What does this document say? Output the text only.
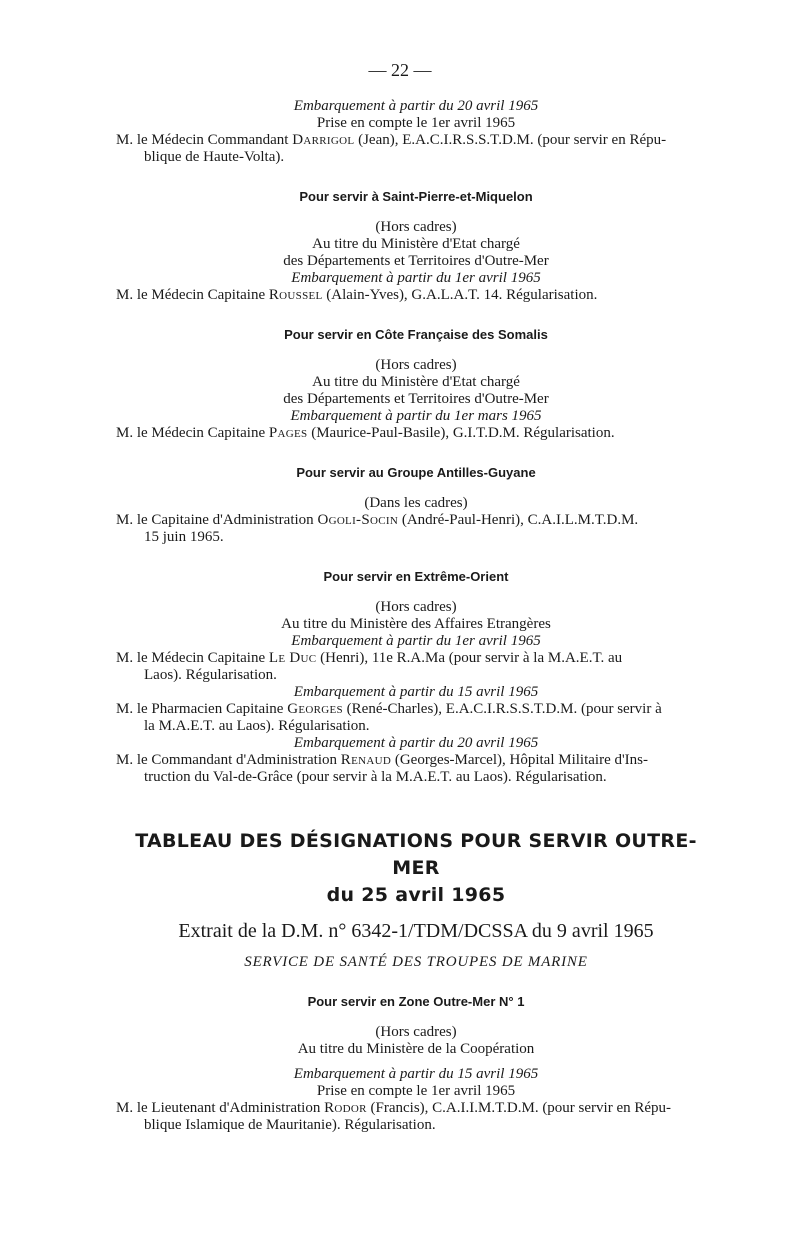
— 22 —
Embarquement à partir du 20 avril 1965
Prise en compte le 1er avril 1965
M. le Médecin Commandant Darrigol (Jean), E.A.C.I.R.S.S.T.D.M. (pour servir en Répu-
blique de Haute-Volta).
Pour servir à Saint-Pierre-et-Miquelon
(Hors cadres)
Au titre du Ministère d'Etat chargé
des Départements et Territoires d'Outre-Mer
Embarquement à partir du 1er avril 1965
M. le Médecin Capitaine Roussel (Alain-Yves), G.A.L.A.T. 14. Régularisation.
Pour servir en Côte Française des Somalis
(Hors cadres)
Au titre du Ministère d'Etat chargé
des Départements et Territoires d'Outre-Mer
Embarquement à partir du 1er mars 1965
M. le Médecin Capitaine Pages (Maurice-Paul-Basile), G.I.T.D.M. Régularisation.
Pour servir au Groupe Antilles-Guyane
(Dans les cadres)
M. le Capitaine d'Administration Ogoli-Socin (André-Paul-Henri), C.A.I.L.M.T.D.M.
15 juin 1965.
Pour servir en Extrême-Orient
(Hors cadres)
Au titre du Ministère des Affaires Etrangères
Embarquement à partir du 1er avril 1965
M. le Médecin Capitaine Le Duc (Henri), 11e R.A.Ma (pour servir à la M.A.E.T. au
Laos). Régularisation.
Embarquement à partir du 15 avril 1965
M. le Pharmacien Capitaine Georges (René-Charles), E.A.C.I.R.S.S.T.D.M. (pour servir à
la M.A.E.T. au Laos). Régularisation.
Embarquement à partir du 20 avril 1965
M. le Commandant d'Administration Renaud (Georges-Marcel), Hôpital Militaire d'Ins-
truction du Val-de-Grâce (pour servir à la M.A.E.T. au Laos). Régularisation.
TABLEAU DES DÉSIGNATIONS POUR SERVIR OUTRE-MER
du 25 avril 1965
Extrait de la D.M. n° 6342-1/TDM/DCSSA du 9 avril 1965
SERVICE DE SANTÉ DES TROUPES DE MARINE
Pour servir en Zone Outre-Mer N° 1
(Hors cadres)
Au titre du Ministère de la Coopération
Embarquement à partir du 15 avril 1965
Prise en compte le 1er avril 1965
M. le Lieutenant d'Administration Rodor (Francis), C.A.I.I.M.T.D.M. (pour servir en Répu-
blique Islamique de Mauritanie). Régularisation.
